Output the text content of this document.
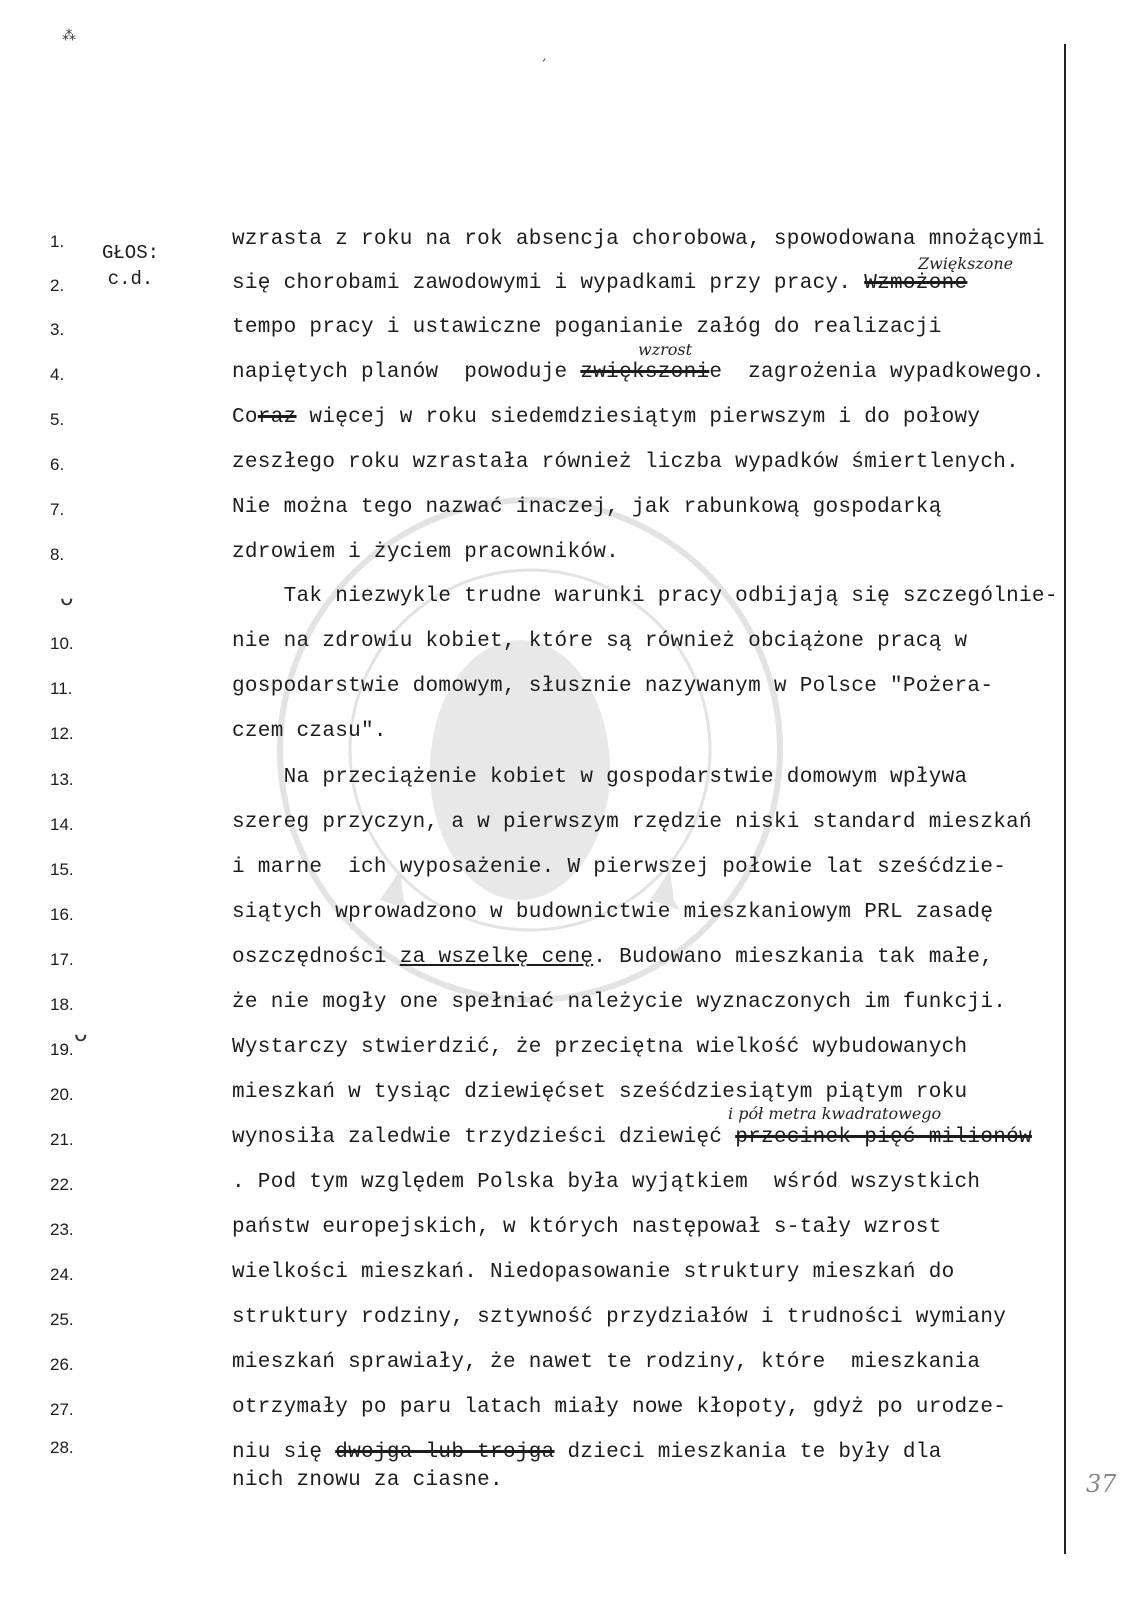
⁂
ˏ
ᴗ
ᴗ
GŁOS:
c.d.
1.
2.
3.
4.
5.
6.
7.
8.
10.
11.
12.
13.
14.
15.
16.
17.
18.
19.
20.
21.
22.
23.
24.
25.
26.
27.
28.
wzrasta z roku na rok absencja chorobowa, spowodowana mnożącymi
się chorobami zawodowymi i wypadkami przy pracy. Wzmożone
tempo pracy i ustawiczne poganianie załóg do realizacji
napiętych planów  powoduje zwiększonie  zagrożenia wypadkowego.
Coraz więcej w roku siedemdziesiątym pierwszym i do połowy
zeszłego roku wzrastała również liczba wypadków śmiertlenych.
Nie można tego nazwać inaczej, jak rabunkową gospodarką
zdrowiem i życiem pracowników.
Tak niezwykle trudne warunki pracy odbijają się szczególnie-
nie na zdrowiu kobiet, które są również obciążone pracą w
gospodarstwie domowym, słusznie nazywanym w Polsce "Pożera-
czem czasu".
Na przeciążenie kobiet w gospodarstwie domowym wpływa
szereg przyczyn, a w pierwszym rzędzie niski standard mieszkań
i marne  ich wyposażenie. W pierwszej połowie lat sześćdzie-
siątych wprowadzono w budownictwie mieszkaniowym PRL zasadę
oszczędności za wszelkę cenę. Budowano mieszkania tak małe,
że nie mogły one spełniać należycie wyznaczonych im funkcji.
Wystarczy stwierdzić, że przeciętna wielkość wybudowanych
mieszkań w tysiąc dziewięćset sześćdziesiątym piątym roku
wynosiła zaledwie trzydzieści dziewięć przecinek pięć milionów
. Pod tym względem Polska była wyjątkiem  wśród wszystkich
państw europejskich, w których następował s-tały wzrost
wielkości mieszkań. Niedopasowanie struktury mieszkań do
struktury rodziny, sztywność przydziałów i trudności wymiany
mieszkań sprawiały, że nawet te rodziny, które  mieszkania
otrzymały po paru latach miały nowe kłopoty, gdyż po urodze-
niu się dwojga lub trojga dzieci mieszkania te były dla
nich znowu za ciasne.
Zwiększone
wzrost
i pół metra kwadratowego
37
